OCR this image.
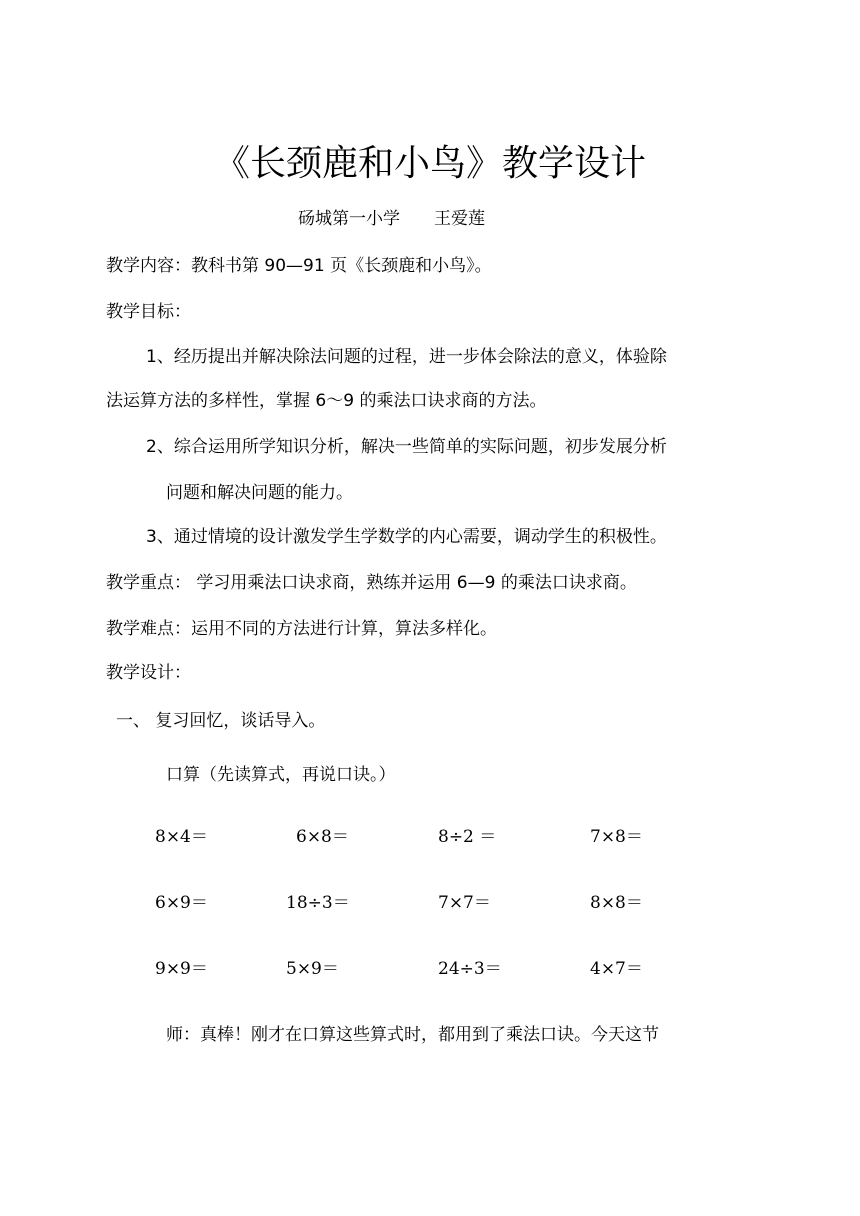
《长颈鹿和小鸟》教学设计
砀城第一小学　　王爱莲
教学内容：教科书第 90—91 页《长颈鹿和小鸟》。
教学目标：
1、经历提出并解决除法问题的过程，进一步体会除法的意义，体验除
法运算方法的多样性，掌握 6～9 的乘法口诀求商的方法。
2、综合运用所学知识分析，解决一些简单的实际问题，初步发展分析
问题和解决问题的能力。
3、通过情境的设计激发学生学数学的内心需要，调动学生的积极性。
教学重点： 学习用乘法口诀求商，熟练并运用 6—9 的乘法口诀求商。
教学难点：运用不同的方法进行计算，算法多样化。
教学设计：
一、 复习回忆，谈话导入。
口算（先读算式，再说口诀。）
8×4＝	6×8＝	8÷2 ＝	7×8＝
6×9＝	18÷3＝	7×7＝	8×8＝
9×9＝	5×9＝	24÷3＝	4×7＝
师：真棒！刚才在口算这些算式时，都用到了乘法口诀。今天这节
